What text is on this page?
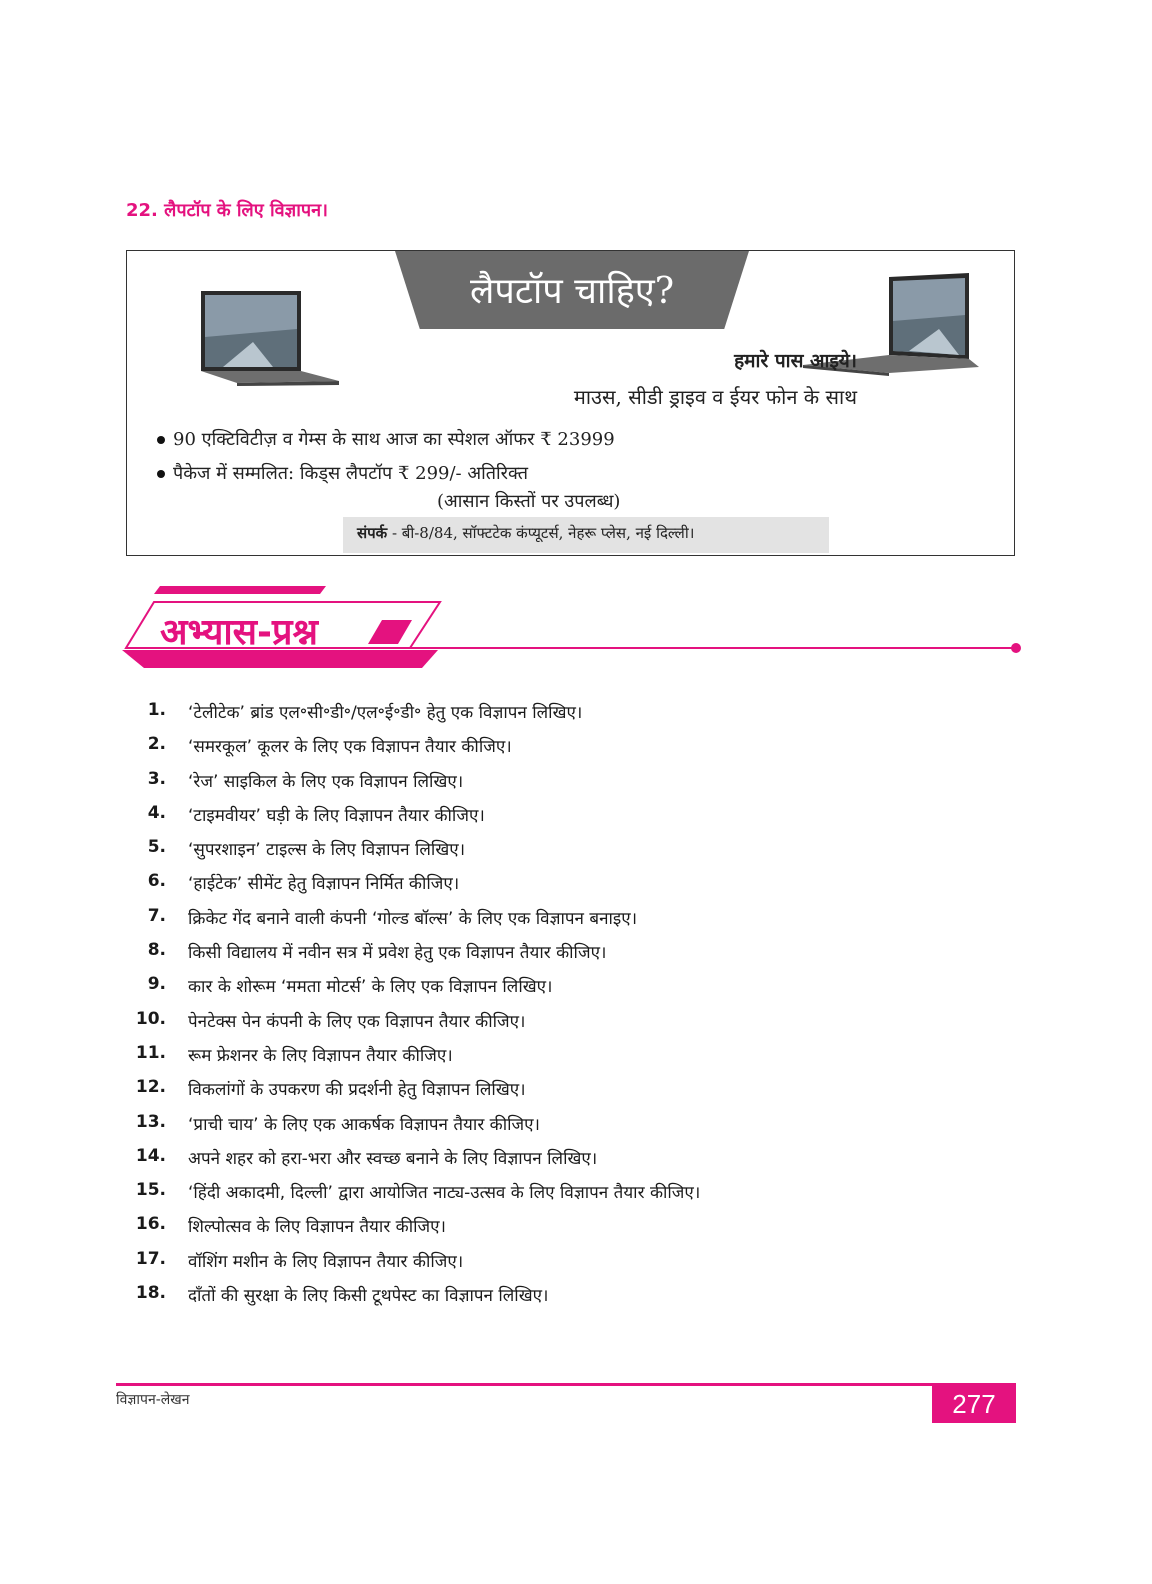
22. लैपटॉप के लिए विज्ञापन।
लैपटॉप चाहिए?
हमारे पास आइये।
माउस, सीडी ड्राइव व ईयर फोन के साथ
90 एक्टिविटीज़ व गेम्स के साथ आज का स्पेशल ऑफर ₹ 23999
पैकेज में सम्मलित: किड्स लैपटॉप ₹ 299/- अतिरिक्त
(आसान किस्तों पर उपलब्ध)
संपर्क - बी-8/84, सॉफ्टटेक कंप्यूटर्स, नेहरू प्लेस, नई दिल्ली।
अभ्यास-प्रश्न
1. ‘टेलीटेक’ ब्रांड एल॰सी॰डी॰/एल॰ई॰डी॰ हेतु एक विज्ञापन लिखिए।
2. ‘समरकूल’ कूलर के लिए एक विज्ञापन तैयार कीजिए।
3. ‘रेज’ साइकिल के लिए एक विज्ञापन लिखिए।
4. ‘टाइमवीयर’ घड़ी के लिए विज्ञापन तैयार कीजिए।
5. ‘सुपरशाइन’ टाइल्स के लिए विज्ञापन लिखिए।
6. ‘हाईटेक’ सीमेंट हेतु विज्ञापन निर्मित कीजिए।
7. क्रिकेट गेंद बनाने वाली कंपनी ‘गोल्ड बॉल्स’ के लिए एक विज्ञापन बनाइए।
8. किसी विद्यालय में नवीन सत्र में प्रवेश हेतु एक विज्ञापन तैयार कीजिए।
9. कार के शोरूम ‘ममता मोटर्स’ के लिए एक विज्ञापन लिखिए।
10. पेनटेक्स पेन कंपनी के लिए एक विज्ञापन तैयार कीजिए।
11. रूम फ्रेशनर के लिए विज्ञापन तैयार कीजिए।
12. विकलांगों के उपकरण की प्रदर्शनी हेतु विज्ञापन लिखिए।
13. ‘प्राची चाय’ के लिए एक आकर्षक विज्ञापन तैयार कीजिए।
14. अपने शहर को हरा-भरा और स्वच्छ बनाने के लिए विज्ञापन लिखिए।
15. ‘हिंदी अकादमी, दिल्ली’ द्वारा आयोजित नाट्य-उत्सव के लिए विज्ञापन तैयार कीजिए।
16. शिल्पोत्सव के लिए विज्ञापन तैयार कीजिए।
17. वॉशिंग मशीन के लिए विज्ञापन तैयार कीजिए।
18. दाँतों की सुरक्षा के लिए किसी टूथपेस्ट का विज्ञापन लिखिए।
विज्ञापन-लेखन	277
